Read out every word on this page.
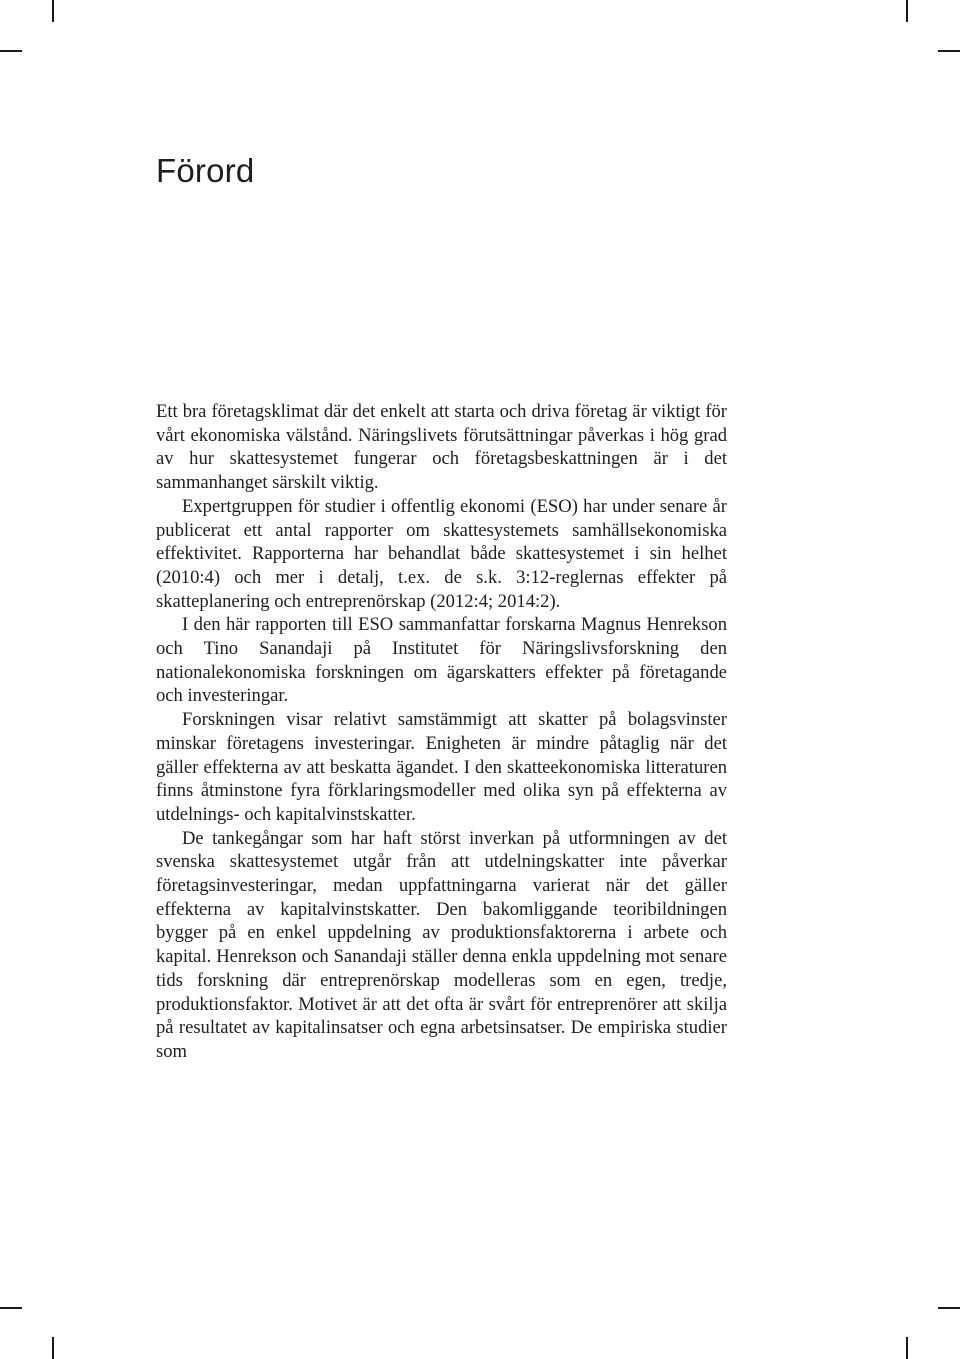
Förord

Ett bra företagsklimat där det enkelt att starta och driva företag är viktigt för vårt ekonomiska välstånd. Näringslivets förutsättningar påverkas i hög grad av hur skattesystemet fungerar och företagsbeskattningen är i det sammanhanget särskilt viktig.

Expertgruppen för studier i offentlig ekonomi (ESO) har under senare år publicerat ett antal rapporter om skattesystemets samhällsekonomiska effektivitet. Rapporterna har behandlat både skattesystemet i sin helhet (2010:4) och mer i detalj, t.ex. de s.k. 3:12-reglernas effekter på skatteplanering och entreprenörskap (2012:4; 2014:2).

I den här rapporten till ESO sammanfattar forskarna Magnus Henrekson och Tino Sanandaji på Institutet för Näringslivsforskning den nationalekonomiska forskningen om ägarskatters effekter på företagande och investeringar.

Forskningen visar relativt samstämmigt att skatter på bolagsvinster minskar företagens investeringar. Enigheten är mindre påtaglig när det gäller effekterna av att beskatta ägandet. I den skatteekonomiska litteraturen finns åtminstone fyra förklaringsmodeller med olika syn på effekterna av utdelnings- och kapitalvinstskatter.

De tankegångar som har haft störst inverkan på utformningen av det svenska skattesystemet utgår från att utdelningskatter inte påverkar företagsinvesteringar, medan uppfattningarna varierat när det gäller effekterna av kapitalvinstskatter. Den bakomliggande teoribildningen bygger på en enkel uppdelning av produktionsfaktorerna i arbete och kapital. Henrekson och Sanandaji ställer denna enkla uppdelning mot senare tids forskning där entreprenörskap modelleras som en egen, tredje, produktionsfaktor. Motivet är att det ofta är svårt för entreprenörer att skilja på resultatet av kapitalinsatser och egna arbetsinsatser. De empiriska studier som
